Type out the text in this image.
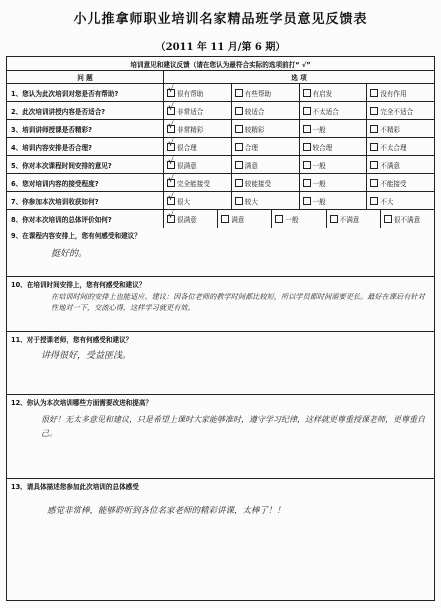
小儿推拿师职业培训名家精品班学员意见反馈表
（2011 年 11 月/第 6 期）
培训意见和建议反馈（请在您认为最符合实际的选项前打“ √”
问 题	选 项
1、您认为此次培训对您是否有帮助? √	很有帮助	有些帮助	有启发	没有作用
2、此次培训讲授内容是否适合? √	非常适合	较适合	不太适合	完全不适合
3、培训讲师授课是否精彩? √	非常精彩	较精彩	一般	不精彩
4、培训内容安排是否合理? √	很合理	合理	较合理	不太合理
5、你对本次课程时间安排的意见? √	很满意	满意	一般	不满意
6、您对培训内容的接受程度? √	完全能接受	较能接受	一般	不能接受
7、你参加本次培训收获如何? √	很大	较大	一般	不大
8、你对本次培训的总体评价如何? √	很满意	满意	一般	不满意	很不满意
9、在课程内容安排上，您有何感受和建议？
挺好的。
10、在培训时间安排上，您有何感受和建议？
在培训时间的安排上也能适应。建议：因各位老师的教学时间都比较短，所以学员都时间需要更长。最好在课后有针对性地对一下，交流心得，这样学习就更有效。
11、对于授课老师，您有何感受和建议？
讲得很好，受益匪浅。
12、你认为本次培训哪些方面需要改进和提高？
很好！无太多意见和建议，只是希望上课时大家能够准时，遵守学习纪律，这样就更尊重授课老师，更尊重自己。
13、请具体描述您参加此次培训的总体感受
感觉非常棒，能够聆听到各位名家老师的精彩讲课，太棒了！！
